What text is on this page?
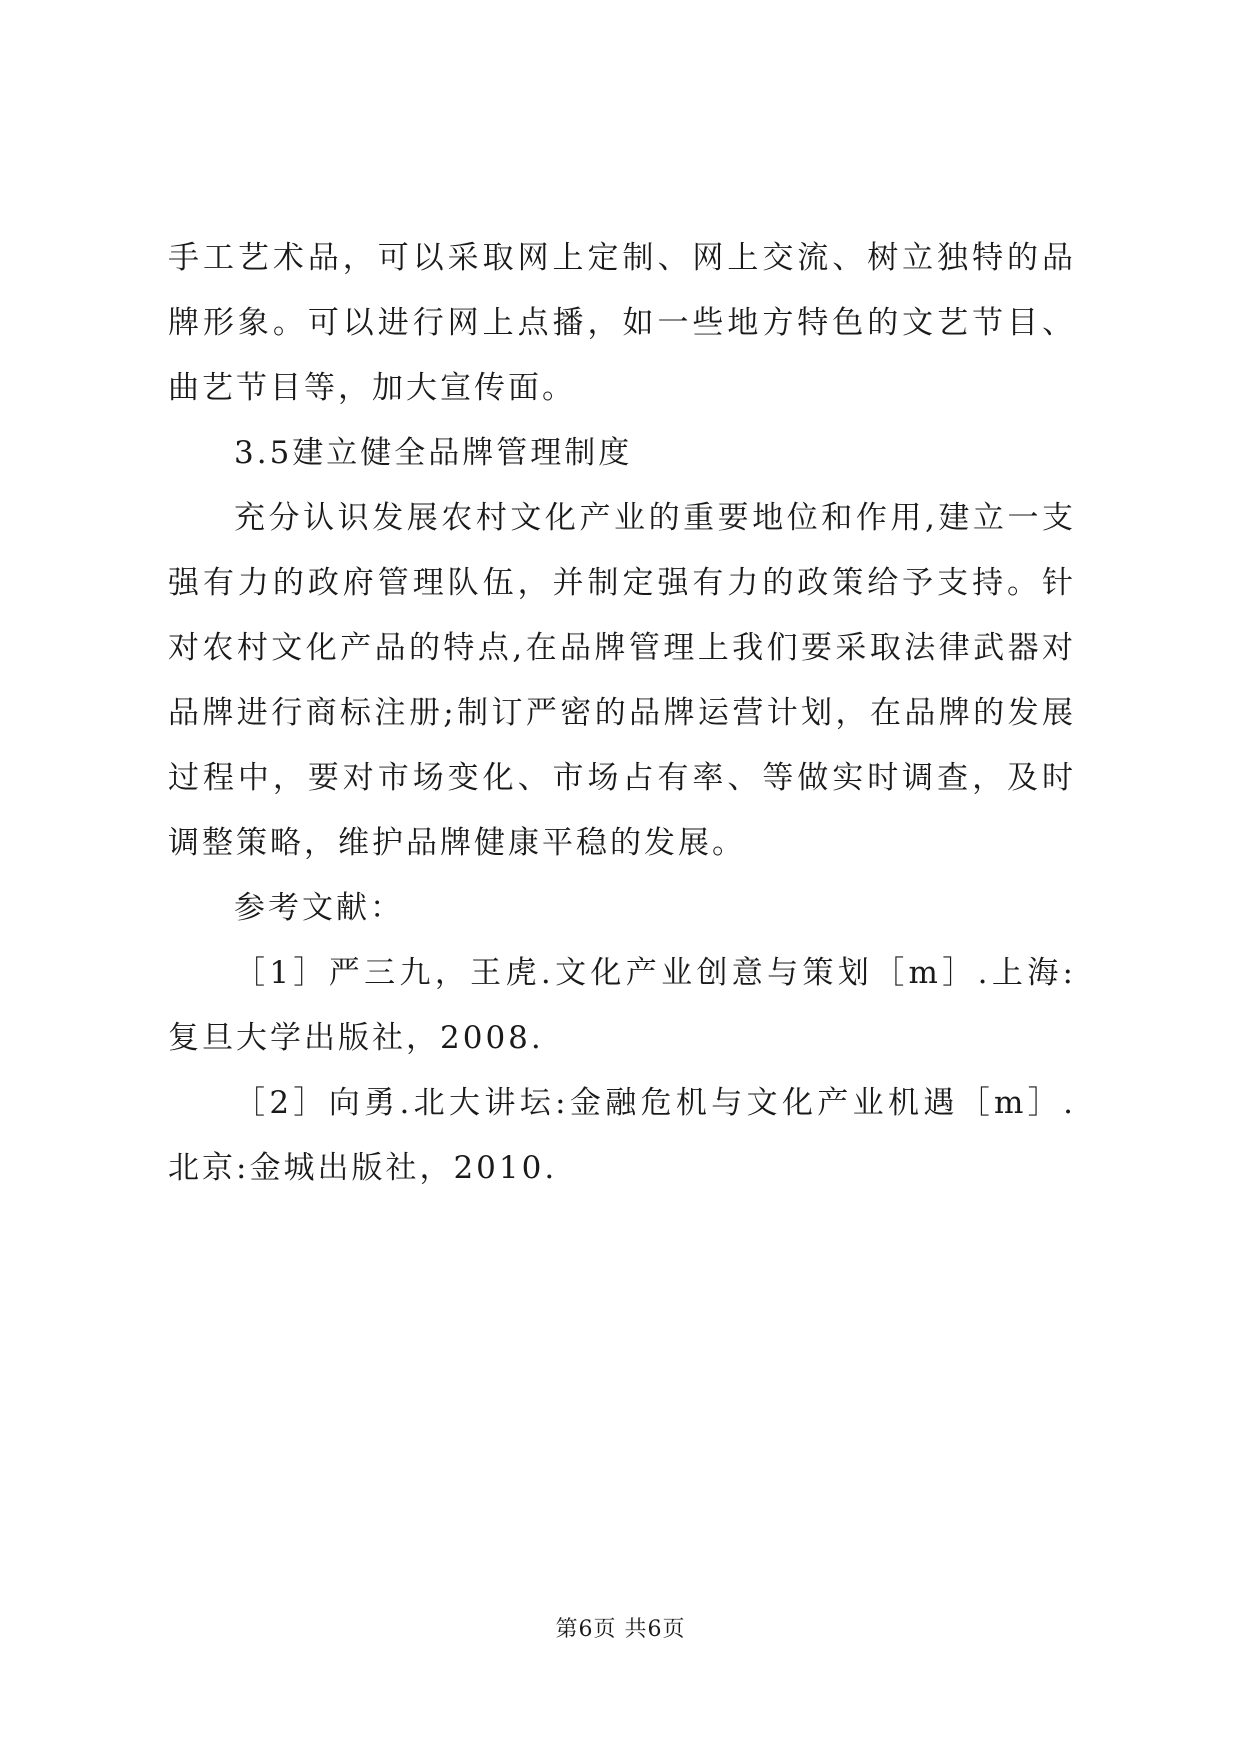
手工艺术品，可以采取网上定制、网上交流、树立独特的品牌形象。可以进行网上点播，如一些地方特色的文艺节目、曲艺节目等，加大宣传面。

3.5建立健全品牌管理制度

充分认识发展农村文化产业的重要地位和作用,建立一支强有力的政府管理队伍，并制定强有力的政策给予支持。针对农村文化产品的特点,在品牌管理上我们要采取法律武器对品牌进行商标注册;制订严密的品牌运营计划，在品牌的发展过程中，要对市场变化、市场占有率、等做实时调查，及时调整策略，维护品牌健康平稳的发展。

参考文献：

［1］严三九，王虎.文化产业创意与策划［m］.上海:复旦大学出版社，2008.

［2］向勇.北大讲坛:金融危机与文化产业机遇［m］.北京:金城出版社，2010.

第6页 共6页
